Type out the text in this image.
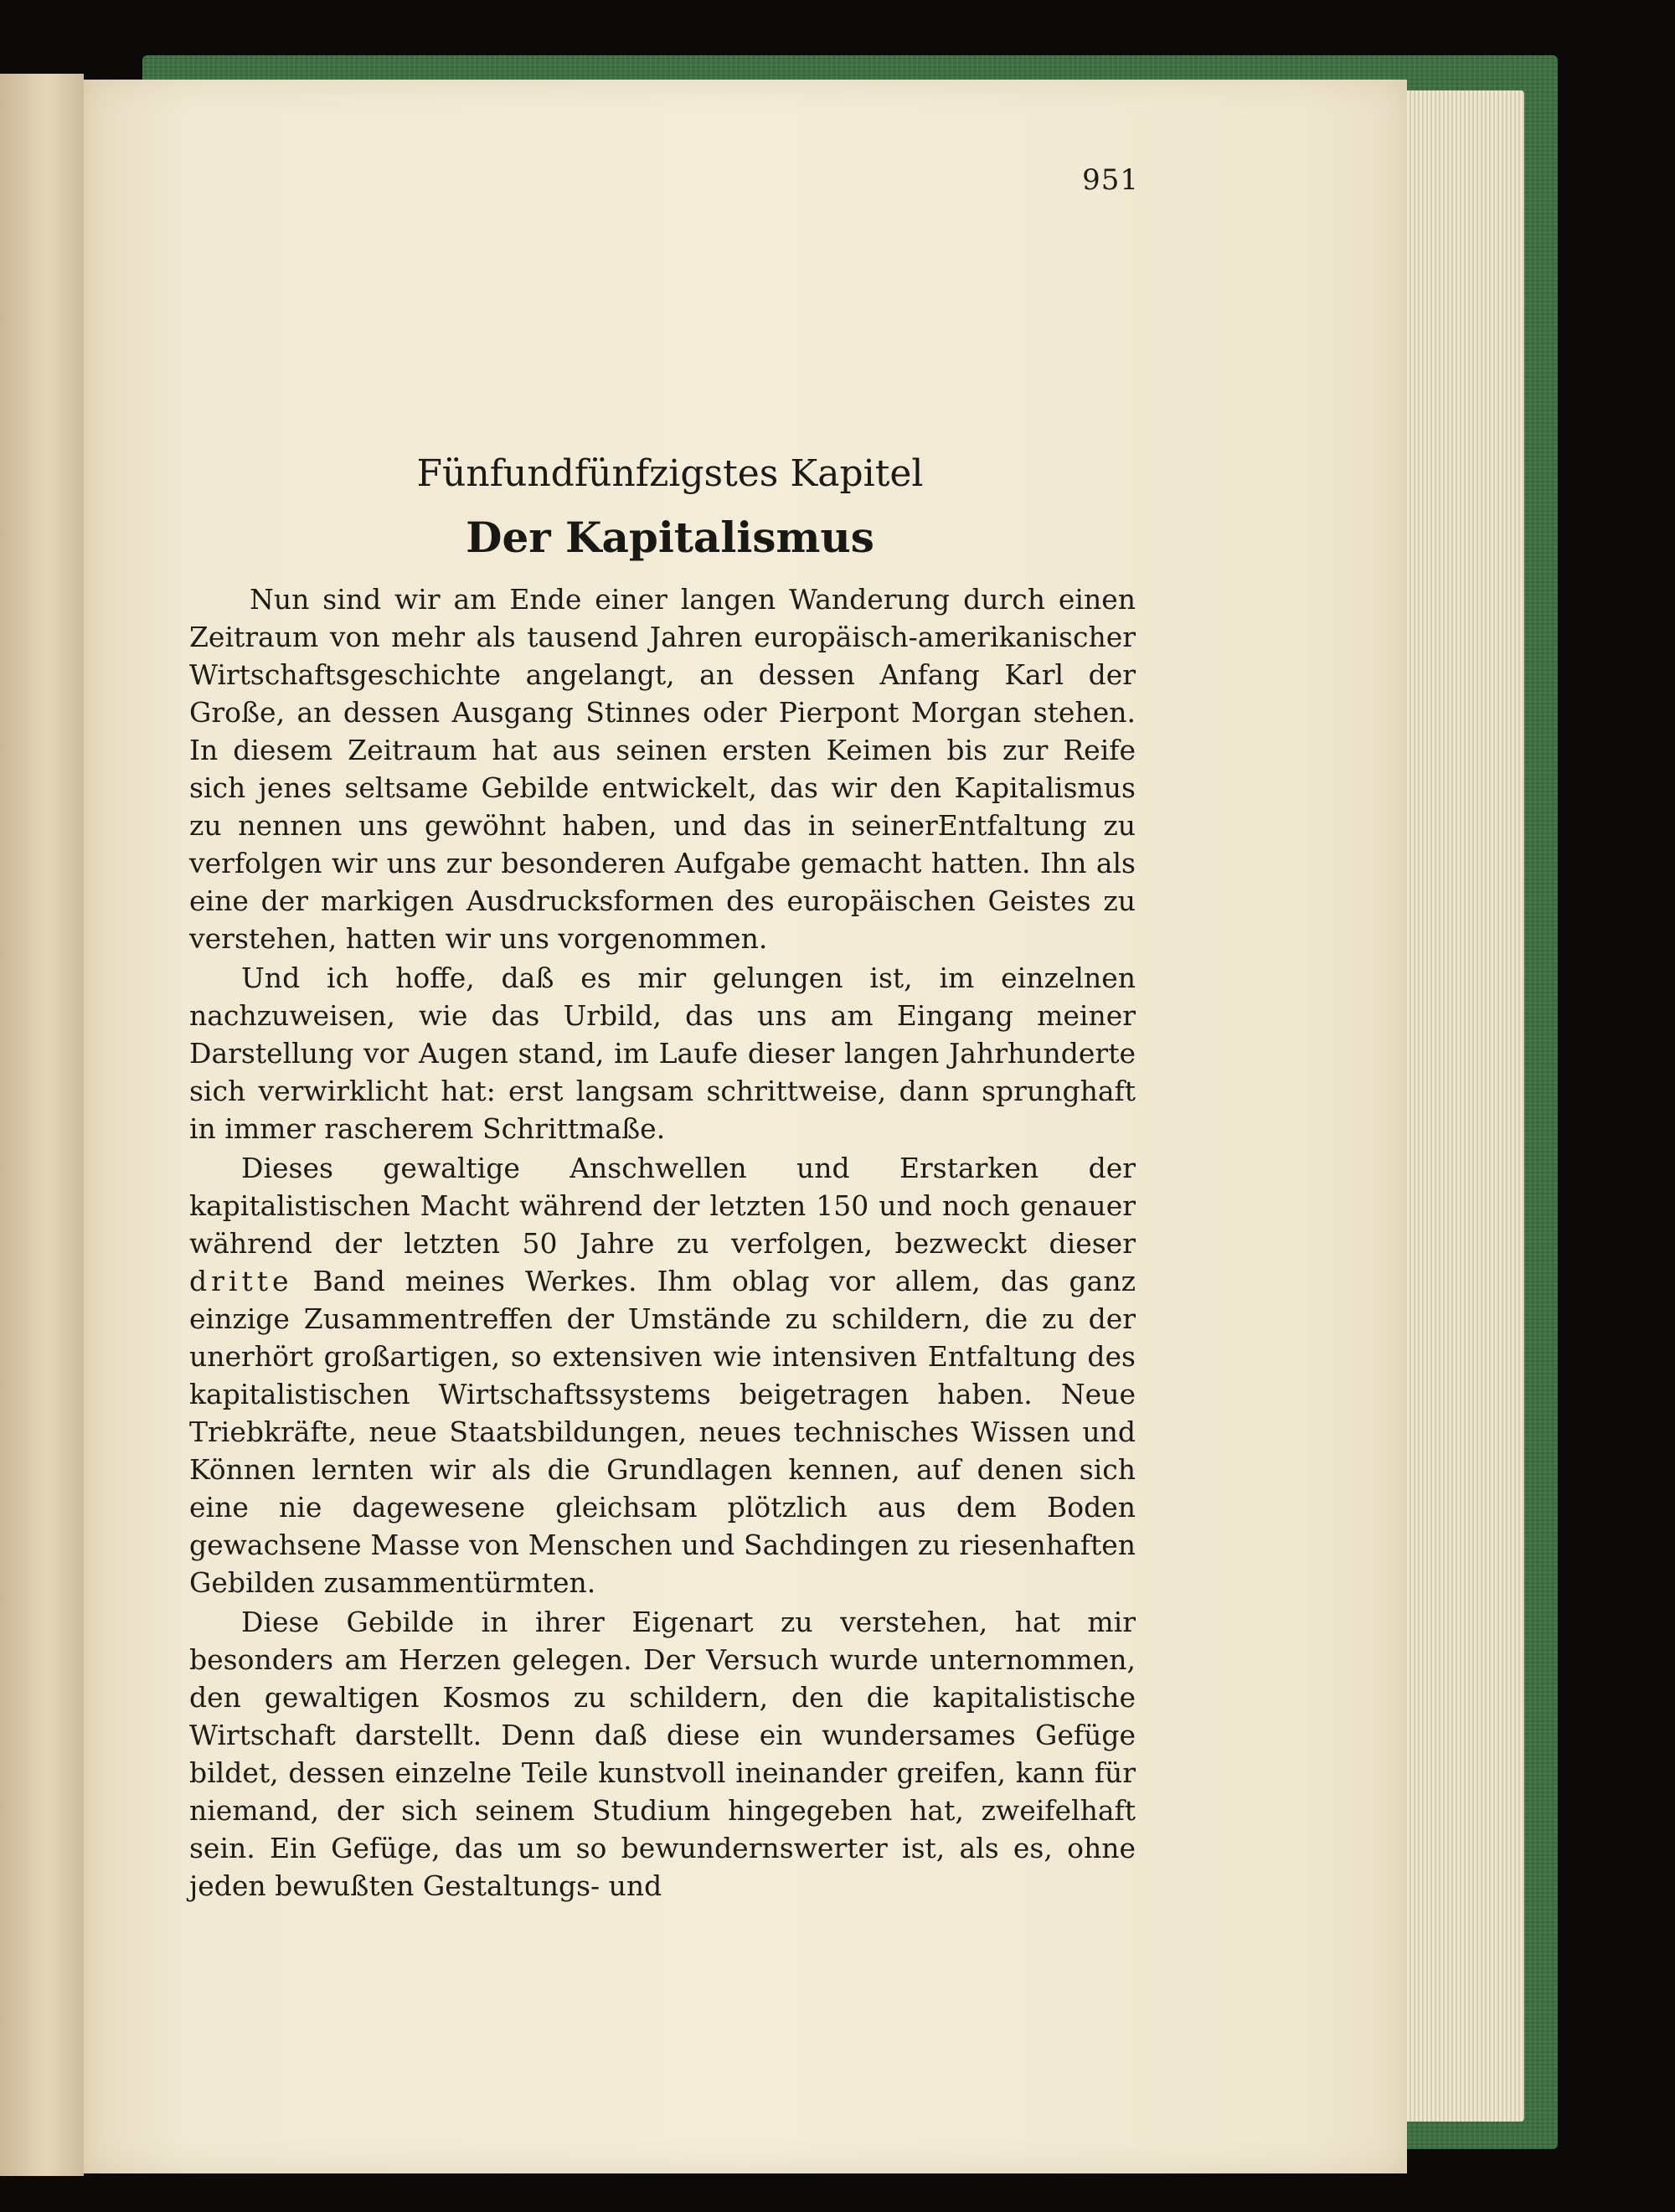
951
Fünfundfünfzigstes Kapitel
Der Kapitalismus

Nun sind wir am Ende einer langen Wanderung durch einen Zeitraum von mehr als tausend Jahren europäisch-amerikanischer Wirtschaftsgeschichte angelangt, an dessen Anfang Karl der Große, an dessen Ausgang Stinnes oder Pierpont Morgan stehen. In diesem Zeitraum hat aus seinen ersten Keimen bis zur Reife sich jenes seltsame Gebilde entwickelt, das wir den Kapitalismus zu nennen uns gewöhnt haben, und das in seinerEntfaltung zu verfolgen wir uns zur besonderen Aufgabe gemacht hatten. Ihn als eine der markigen Ausdrucksformen des europäischen Geistes zu verstehen, hatten wir uns vorgenommen.

Und ich hoffe, daß es mir gelungen ist, im einzelnen nachzuweisen, wie das Urbild, das uns am Eingang meiner Darstellung vor Augen stand, im Laufe dieser langen Jahrhunderte sich verwirklicht hat: erst langsam schrittweise, dann sprunghaft in immer rascherem Schrittmaße.

Dieses gewaltige Anschwellen und Erstarken der kapitalistischen Macht während der letzten 150 und noch genauer während der letzten 50 Jahre zu verfolgen, bezweckt dieser dritte Band meines Werkes. Ihm oblag vor allem, das ganz einzige Zusammentreffen der Umstände zu schildern, die zu der unerhört großartigen, so extensiven wie intensiven Entfaltung des kapitalistischen Wirtschaftssystems beigetragen haben. Neue Triebkräfte, neue Staatsbildungen, neues technisches Wissen und Können lernten wir als die Grundlagen kennen, auf denen sich eine nie dagewesene gleichsam plötzlich aus dem Boden gewachsene Masse von Menschen und Sachdingen zu riesenhaften Gebilden zusammentürmten.

Diese Gebilde in ihrer Eigenart zu verstehen, hat mir besonders am Herzen gelegen. Der Versuch wurde unternommen, den gewaltigen Kosmos zu schildern, den die kapitalistische Wirtschaft darstellt. Denn daß diese ein wundersames Gefüge bildet, dessen einzelne Teile kunstvoll ineinander greifen, kann für niemand, der sich seinem Studium hingegeben hat, zweifelhaft sein. Ein Gefüge, das um so bewundernswerter ist, als es, ohne jeden bewußten Gestaltungs- und
